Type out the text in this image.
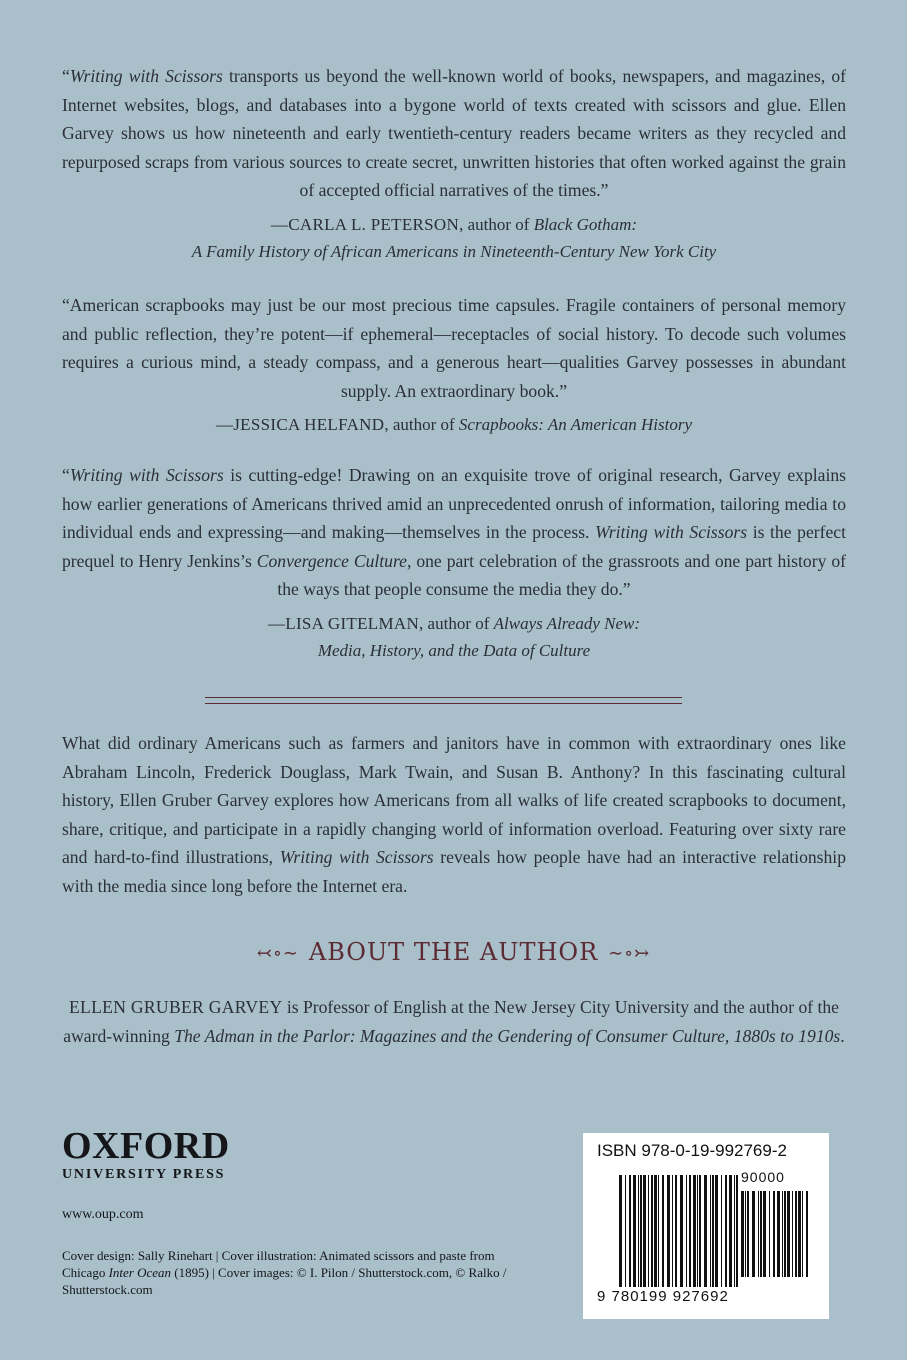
“Writing with Scissors transports us beyond the well-known world of books, newspapers, and magazines, of Internet websites, blogs, and databases into a bygone world of texts created with scissors and glue. Ellen Garvey shows us how nineteenth and early twentieth-century readers became writers as they recycled and repurposed scraps from various sources to create secret, unwritten histories that often worked against the grain of accepted official narratives of the times.”

—CARLA L. PETERSON, author of Black Gotham:
A Family History of African Americans in Nineteenth-Century New York City

“American scrapbooks may just be our most precious time capsules. Fragile containers of personal memory and public reflection, they’re potent—if ephemeral—receptacles of social history. To decode such volumes requires a curious mind, a steady compass, and a generous heart—qualities Garvey possesses in abundant supply. An extraordinary book.”

—JESSICA HELFAND, author of Scrapbooks: An American History

“Writing with Scissors is cutting-edge! Drawing on an exquisite trove of original research, Garvey explains how earlier generations of Americans thrived amid an unprecedented onrush of information, tailoring media to individual ends and expressing—and making—themselves in the process. Writing with Scissors is the perfect prequel to Henry Jenkins’s Convergence Culture, one part celebration of the grassroots and one part history of the ways that people consume the media they do.”

—LISA GITELMAN, author of Always Already New:
Media, History, and the Data of Culture

What did ordinary Americans such as farmers and janitors have in common with extraordinary ones like Abraham Lincoln, Frederick Douglass, Mark Twain, and Susan B. Anthony? In this fascinating cultural history, Ellen Gruber Garvey explores how Americans from all walks of life created scrapbooks to document, share, critique, and participate in a rapidly changing world of information overload. Featuring over sixty rare and hard-to-find illustrations, Writing with Scissors reveals how people have had an interactive relationship with the media since long before the Internet era.

↢∘∼ ABOUT THE AUTHOR ∼∘↣

ELLEN GRUBER GARVEY is Professor of English at the New Jersey City University and the author of the award-winning The Adman in the Parlor: Magazines and the Gendering of Consumer Culture, 1880s to 1910s.

OXFORD
UNIVERSITY PRESS
www.oup.com
Cover design: Sally Rinehart | Cover illustration: Animated scissors and paste from Chicago Inter Ocean (1895) | Cover images: © I. Pilon / Shutterstock.com, © Ralko / Shutterstock.com
ISBN 978-0-19-992769-2
90000
9 780199 927692
